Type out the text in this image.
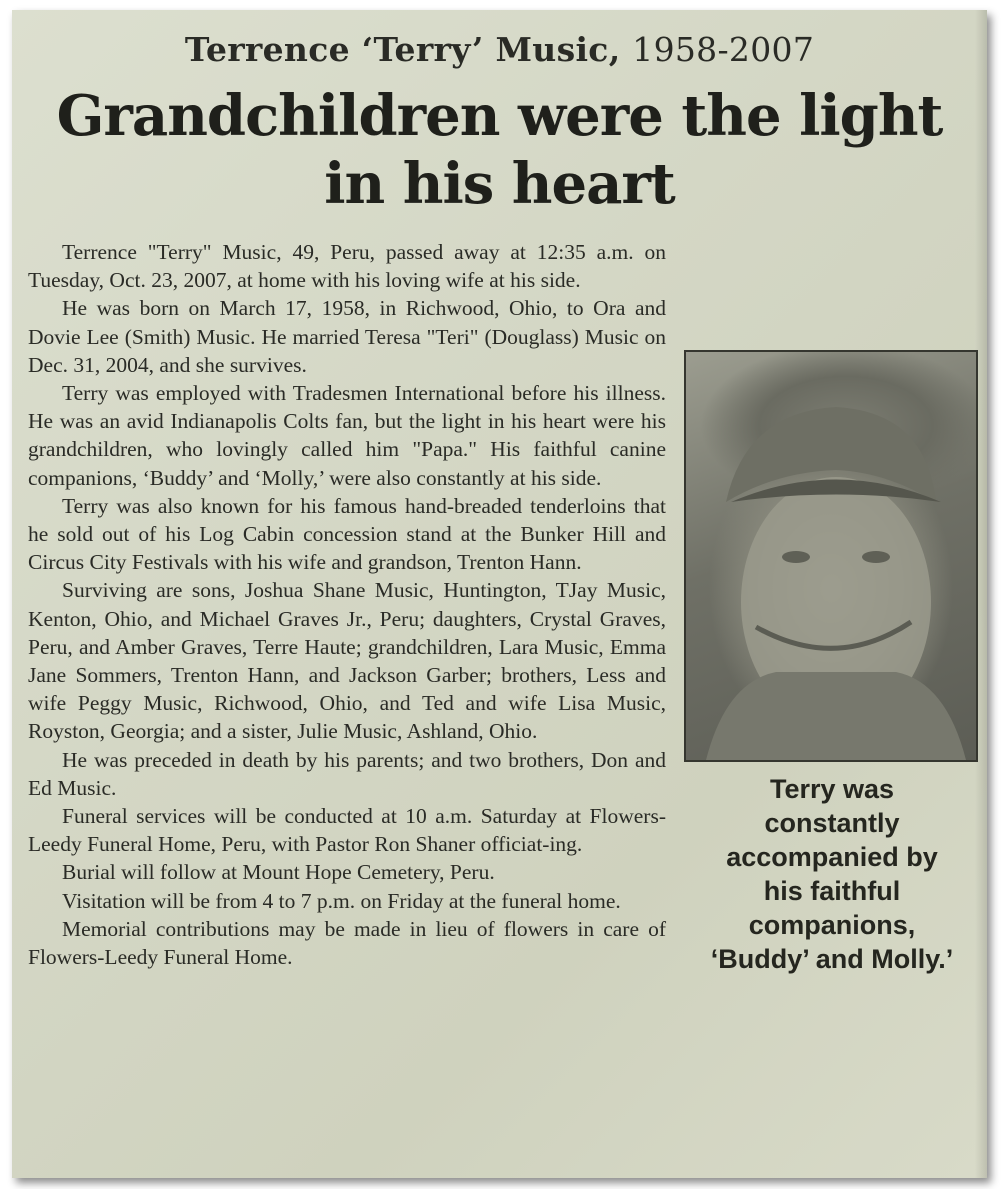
Terrence ‘Terry’ Music, 1958-2007
Grandchildren were the light
in his heart

Terrence "Terry" Music, 49, Peru, passed away at 12:35 a.m. on Tuesday, Oct. 23, 2007, at home with his loving wife at his side.

He was born on March 17, 1958, in Richwood, Ohio, to Ora and Dovie Lee (Smith) Music. He married Teresa "Teri" (Douglass) Music on Dec. 31, 2004, and she survives.

Terry was employed with Tradesmen International before his illness. He was an avid Indianapolis Colts fan, but the light in his heart were his grandchildren, who lovingly called him "Papa." His faithful canine companions, ‘Buddy’ and ‘Molly,’ were also constantly at his side.

Terry was also known for his famous hand-breaded tenderloins that he sold out of his Log Cabin concession stand at the Bunker Hill and Circus City Festivals with his wife and grandson, Trenton Hann.

Surviving are sons, Joshua Shane Music, Huntington, TJay Music, Kenton, Ohio, and Michael Graves Jr., Peru; daughters, Crystal Graves, Peru, and Amber Graves, Terre Haute; grandchildren, Lara Music, Emma Jane Sommers, Trenton Hann, and Jackson Garber; brothers, Less and wife Peggy Music, Richwood, Ohio, and Ted and wife Lisa Music, Royston, Georgia; and a sister, Julie Music, Ashland, Ohio.

He was preceded in death by his parents; and two brothers, Don and Ed Music.

Funeral services will be conducted at 10 a.m. Saturday at Flowers-Leedy Funeral Home, Peru, with Pastor Ron Shaner officiat-ing.

Burial will follow at Mount Hope Cemetery, Peru.

Visitation will be from 4 to 7 p.m. on Friday at the funeral home.

Memorial contributions may be made in lieu of flowers in care of Flowers-Leedy Funeral Home.

Terry was
constantly
accompanied by
his faithful
companions,
‘Buddy’ and Molly.’
